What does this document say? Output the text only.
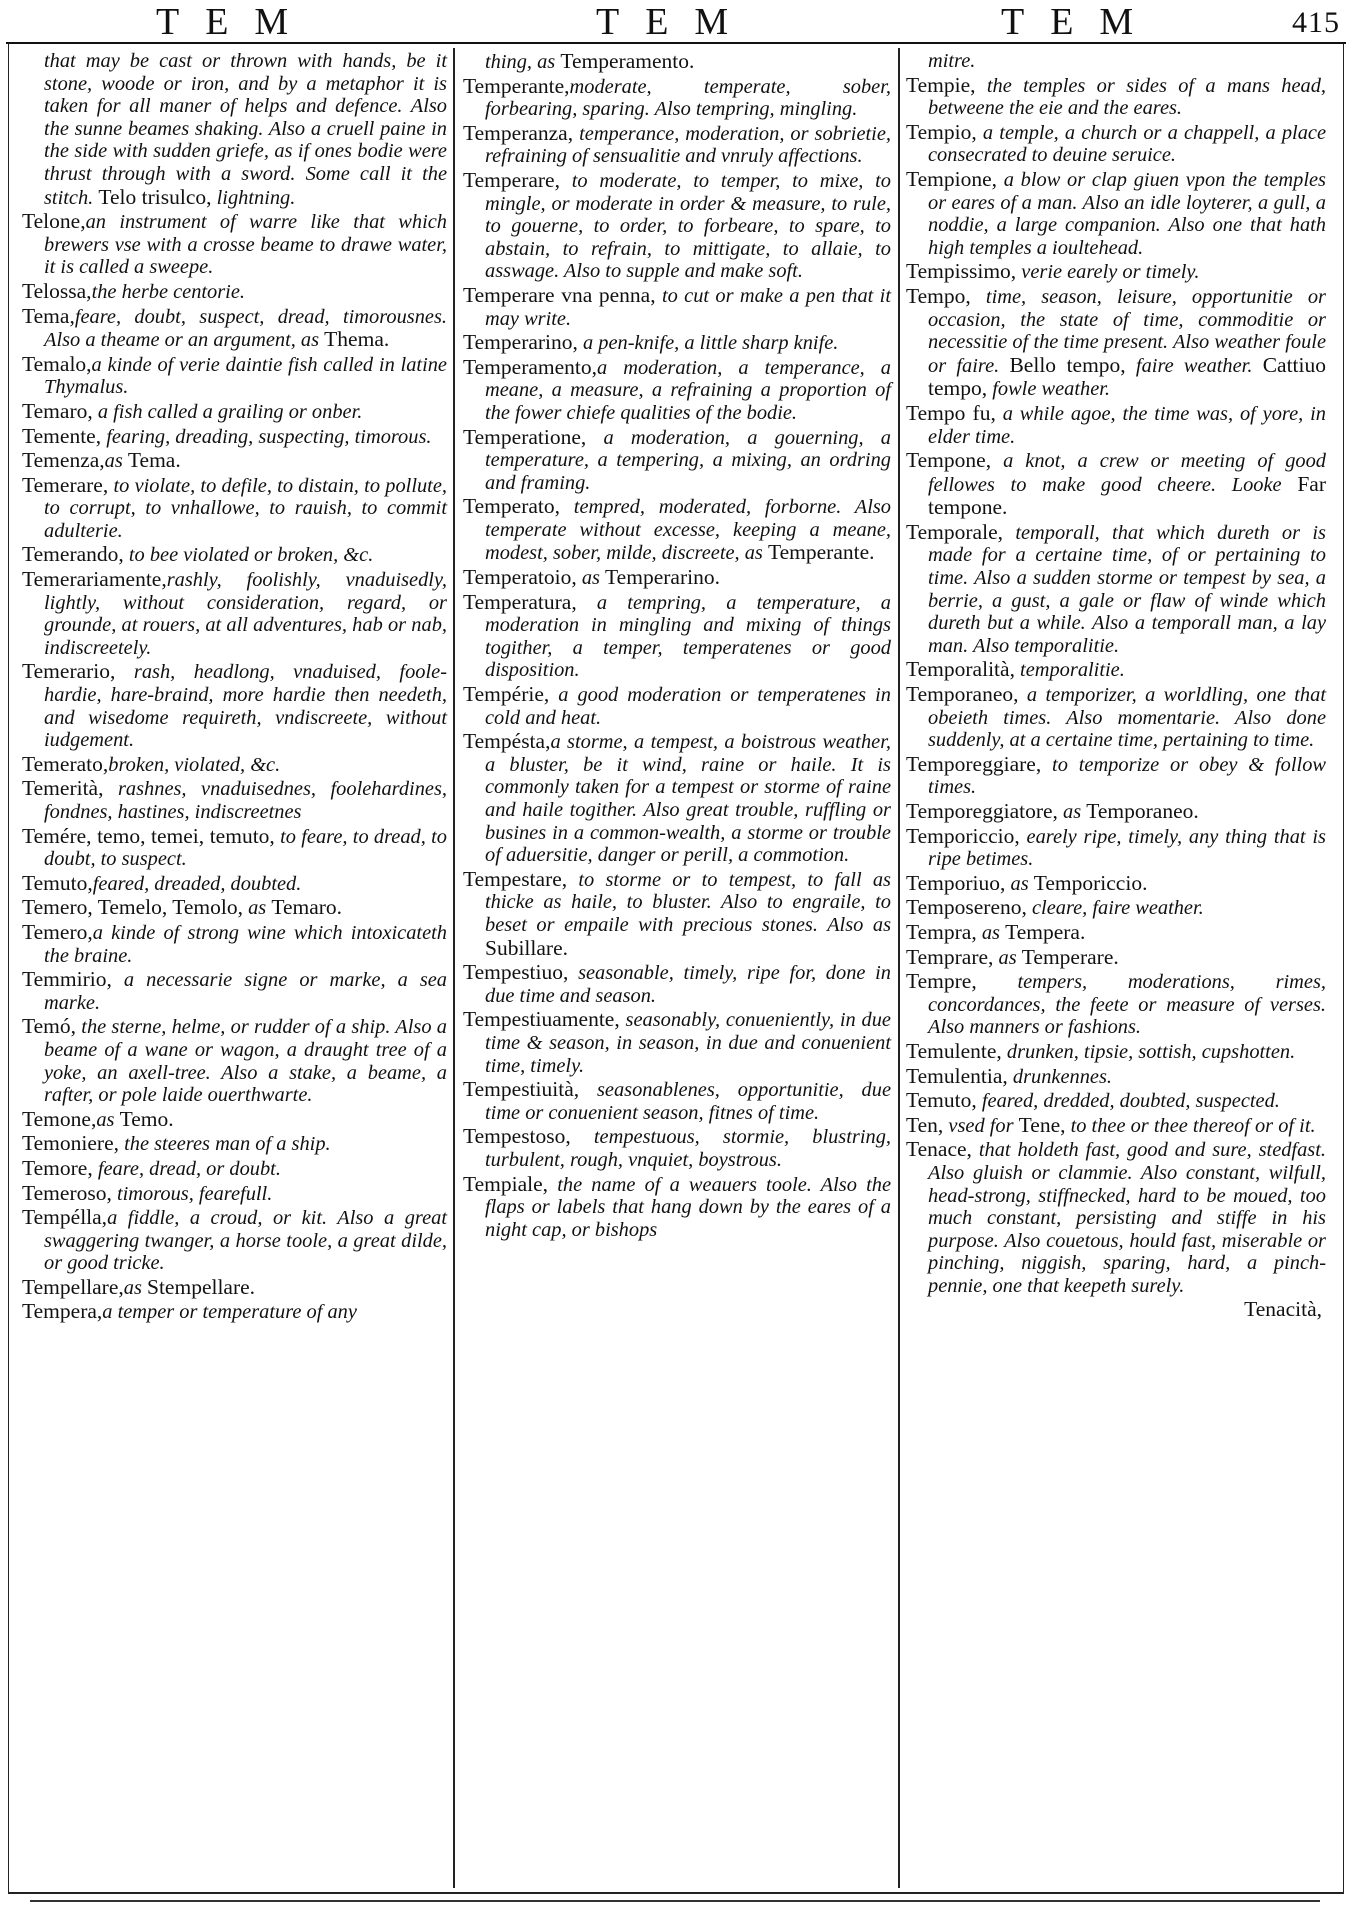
TEM	TEM	TEM	415
that may be cast or thrown with hands, be it stone, woode or iron, and by a metaphor it is taken for all maner of helps and defence. Also the sunne beames shaking. Also a cruell paine in the side with sudden griefe, as if ones bodie were thrust through with a sword. Some call it the stitch. Telo trisulco, lightning.
Telone,an instrument of warre like that which brewers vse with a crosse beame to drawe water, it is called a sweepe.
Telossa,the herbe centorie.
Tema,feare, doubt, suspect, dread, timorousnes. Also a theame or an argument, as Thema.
Temalo,a kinde of verie daintie fish called in latine Thymalus.
Temaro, a fish called a grailing or onber.
Temente, fearing, dreading, suspecting, timorous.
Temenza,as Tema.
Temerare, to violate, to defile, to distain, to pollute, to corrupt, to vnhallowe, to rauish, to commit adulterie.
Temerando, to bee violated or broken, &c.
Temerariamente,rashly, foolishly, vnaduisedly, lightly, without consideration, regard, or grounde, at rouers, at all adventures, hab or nab, indiscreetely.
Temerario, rash, headlong, vnaduised, foole-hardie, hare-braind, more hardie then needeth, and wisedome requireth, vndiscreete, without iudgement.
Temerato,broken, violated, &c.
Temerità, rashnes, vnaduisednes, foolehardines, fondnes, hastines, indiscreetnes
Temére, temo, temei, temuto, to feare, to dread, to doubt, to suspect.
Temuto,feared, dreaded, doubted.
Temero, Temelo, Temolo, as Temaro.
Temero,a kinde of strong wine which intoxicateth the braine.
Temmirio, a necessarie signe or marke, a sea marke.
Temó, the sterne, helme, or rudder of a ship. Also a beame of a wane or wagon, a draught tree of a yoke, an axell-tree. Also a stake, a beame, a rafter, or pole laide ouerthwarte.
Temone,as Temo.
Temoniere, the steeres man of a ship.
Temore, feare, dread, or doubt.
Temeroso, timorous, fearefull.
Tempélla,a fiddle, a croud, or kit. Also a great swaggering twanger, a horse toole, a great dilde, or good tricke.
Tempellare,as Stempellare.
Tempera,a temper or temperature of any
thing, as Temperamento.
Temperante,moderate, temperate, sober, forbearing, sparing. Also tempring, mingling.
Temperanza, temperance, moderation, or sobrietie, refraining of sensualitie and vnruly affections.
Temperare, to moderate, to temper, to mixe, to mingle, or moderate in order & measure, to rule, to gouerne, to order, to forbeare, to spare, to abstain, to refrain, to mittigate, to allaie, to asswage. Also to supple and make soft.
Temperare vna penna, to cut or make a pen that it may write.
Temperarino, a pen-knife, a little sharp knife.
Temperamento,a moderation, a temperance, a meane, a measure, a refraining a proportion of the fower chiefe qualities of the bodie.
Temperatione, a moderation, a gouerning, a temperature, a tempering, a mixing, an ordring and framing.
Temperato, tempred, moderated, forborne. Also temperate without excesse, keeping a meane, modest, sober, milde, discreete, as Temperante.
Temperatoio, as Temperarino.
Temperatura, a tempring, a temperature, a moderation in mingling and mixing of things togither, a temper, temperatenes or good disposition.
Tempérie, a good moderation or temperatenes in cold and heat.
Tempésta,a storme, a tempest, a boistrous weather, a bluster, be it wind, raine or haile. It is commonly taken for a tempest or storme of raine and haile togither. Also great trouble, ruffling or busines in a common-wealth, a storme or trouble of aduersitie, danger or perill, a commotion.
Tempestare, to storme or to tempest, to fall as thicke as haile, to bluster. Also to engraile, to beset or empaile with precious stones. Also as Subillare.
Tempestiuo, seasonable, timely, ripe for, done in due time and season.
Tempestiuamente, seasonably, conueniently, in due time & season, in season, in due and conuenient time, timely.
Tempestiuità, seasonablenes, opportunitie, due time or conuenient season, fitnes of time.
Tempestoso, tempestuous, stormie, blustring, turbulent, rough, vnquiet, boystrous.
Tempiale, the name of a weauers toole. Also the flaps or labels that hang down by the eares of a night cap, or bishops
mitre.
Tempie, the temples or sides of a mans head, betweene the eie and the eares.
Tempio, a temple, a church or a chappell, a place consecrated to deuine seruice.
Tempione, a blow or clap giuen vpon the temples or eares of a man. Also an idle loyterer, a gull, a noddie, a large companion. Also one that hath high temples a ioultehead.
Tempissimo, verie earely or timely.
Tempo, time, season, leisure, opportunitie or occasion, the state of time, commoditie or necessitie of the time present. Also weather foule or faire. Bello tempo, faire weather. Cattiuo tempo, fowle weather.
Tempo fu, a while agoe, the time was, of yore, in elder time.
Tempone, a knot, a crew or meeting of good fellowes to make good cheere. Looke Far tempone.
Temporale, temporall, that which dureth or is made for a certaine time, of or pertaining to time. Also a sudden storme or tempest by sea, a berrie, a gust, a gale or flaw of winde which dureth but a while. Also a temporall man, a lay man. Also temporalitie.
Temporalità, temporalitie.
Temporaneo, a temporizer, a worldling, one that obeieth times. Also momentarie. Also done suddenly, at a certaine time, pertaining to time.
Temporeggiare, to temporize or obey & follow times.
Temporeggiatore, as Temporaneo.
Temporiccio, earely ripe, timely, any thing that is ripe betimes.
Temporiuo, as Temporiccio.
Temposereno, cleare, faire weather.
Tempra, as Tempera.
Temprare, as Temperare.
Tempre, tempers, moderations, rimes, concordances, the feete or measure of verses. Also manners or fashions.
Temulente, drunken, tipsie, sottish, cupshotten.
Temulentia, drunkennes.
Temuto, feared, dredded, doubted, suspected.
Ten, vsed for Tene, to thee or thee thereof or of it.
Tenace, that holdeth fast, good and sure, stedfast. Also gluish or clammie. Also constant, wilfull, head-strong, stiffnecked, hard to be moued, too much constant, persisting and stiffe in his purpose. Also couetous, hould fast, miserable or pinching, niggish, sparing, hard, a pinch-pennie, one that keepeth surely.
Tenacità,
